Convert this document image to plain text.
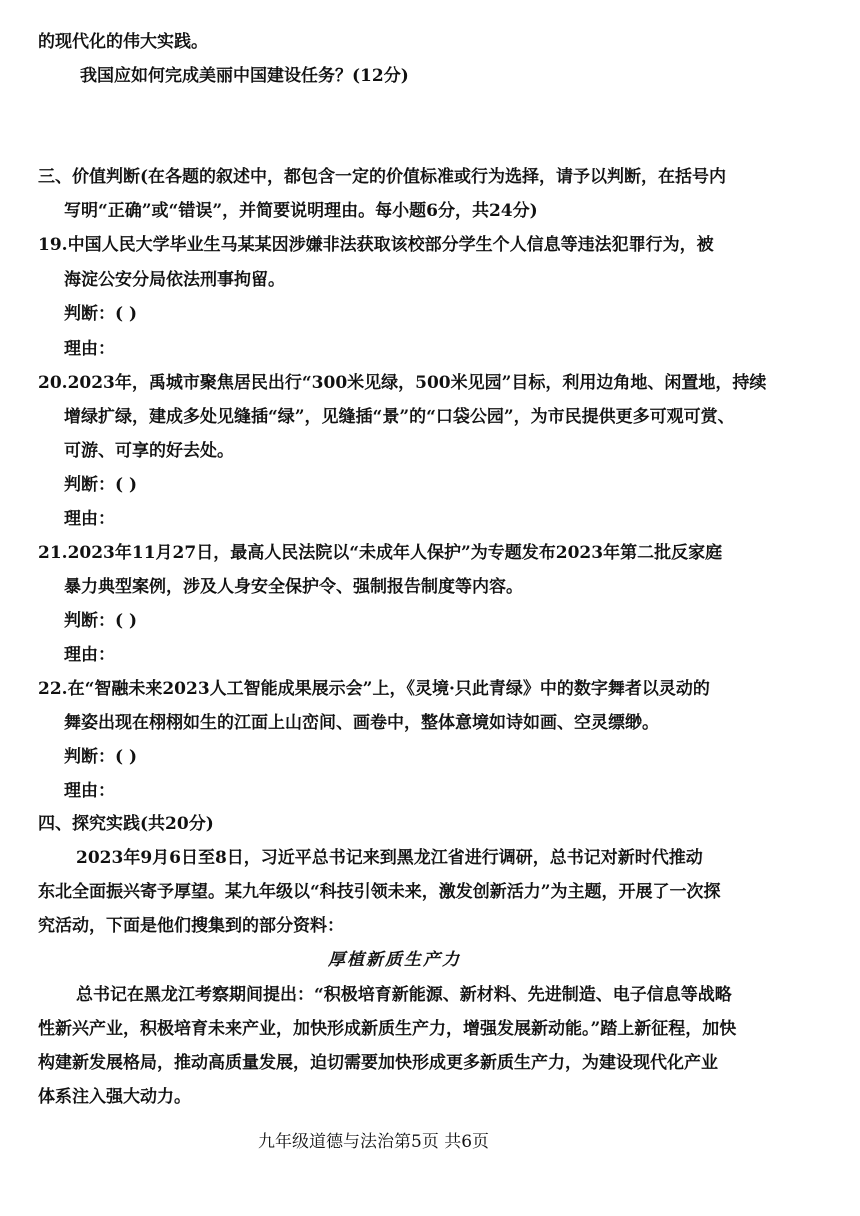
的现代化的伟大实践。
我国应如何完成美丽中国建设任务？(12分)
三、价值判断(在各题的叙述中，都包含一定的价值标准或行为选择，请予以判断，在括号内
写明“正确”或“错误”，并简要说明理由。每小题6分，共24分)
19.中国人民大学毕业生马某某因涉嫌非法获取该校部分学生个人信息等违法犯罪行为，被
海淀公安分局依法刑事拘留。
判断：( )
理由：
20.2023年，禹城市聚焦居民出行“300米见绿，500米见园”目标，利用边角地、闲置地，持续
增绿扩绿，建成多处见缝插“绿”，见缝插“景”的“口袋公园”，为市民提供更多可观可赏、
可游、可享的好去处。
判断：( )
理由：
21.2023年11月27日，最高人民法院以“未成年人保护”为专题发布2023年第二批反家庭
暴力典型案例，涉及人身安全保护令、强制报告制度等内容。
判断：( )
理由：
22.在“智融未来2023人工智能成果展示会”上，《灵境·只此青绿》中的数字舞者以灵动的
舞姿出现在栩栩如生的江面上山峦间、画卷中，整体意境如诗如画、空灵缥缈。
判断：( )
理由：
四、探究实践(共20分)
2023年9月6日至8日，习近平总书记来到黑龙江省进行调研，总书记对新时代推动
东北全面振兴寄予厚望。某九年级以“科技引领未来，激发创新活力”为主题，开展了一次探
究活动，下面是他们搜集到的部分资料：
厚植新质生产力
总书记在黑龙江考察期间提出：“积极培育新能源、新材料、先进制造、电子信息等战略
性新兴产业，积极培育未来产业，加快形成新质生产力，增强发展新动能。”踏上新征程，加快
构建新发展格局，推动高质量发展，迫切需要加快形成更多新质生产力，为建设现代化产业
体系注入强大动力。
九年级道德与法治第5页 共6页
